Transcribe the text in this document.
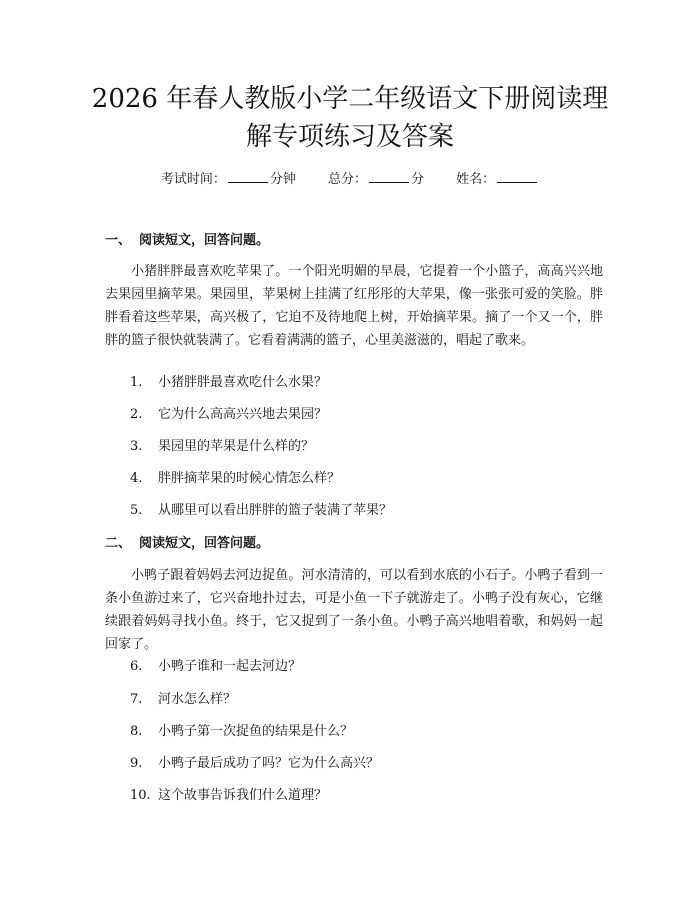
2026 年春人教版小学二年级语文下册阅读理
解专项练习及答案
考试时间：	分钟 总分：	分 姓名：
一、 阅读短文，回答问题。

小猪胖胖最喜欢吃苹果了。一个阳光明媚的早晨，它提着一个小篮子，高高兴兴地去果园里摘苹果。果园里，苹果树上挂满了红彤彤的大苹果，像一张张可爱的笑脸。胖胖看着这些苹果，高兴极了，它迫不及待地爬上树，开始摘苹果。摘了一个又一个，胖胖的篮子很快就装满了。它看着满满的篮子，心里美滋滋的，唱起了歌来。

1. 小猪胖胖最喜欢吃什么水果？
2. 它为什么高高兴兴地去果园？
3. 果园里的苹果是什么样的？
4. 胖胖摘苹果的时候心情怎么样？
5. 从哪里可以看出胖胖的篮子装满了苹果？
二、 阅读短文，回答问题。

小鸭子跟着妈妈去河边捉鱼。河水清清的，可以看到水底的小石子。小鸭子看到一条小鱼游过来了，它兴奋地扑过去，可是小鱼一下子就游走了。小鸭子没有灰心，它继续跟着妈妈寻找小鱼。终于，它又捉到了一条小鱼。小鸭子高兴地唱着歌，和妈妈一起回家了。

6. 小鸭子谁和一起去河边？
7. 河水怎么样？
8. 小鸭子第一次捉鱼的结果是什么？
9. 小鸭子最后成功了吗？它为什么高兴？
10. 这个故事告诉我们什么道理？
